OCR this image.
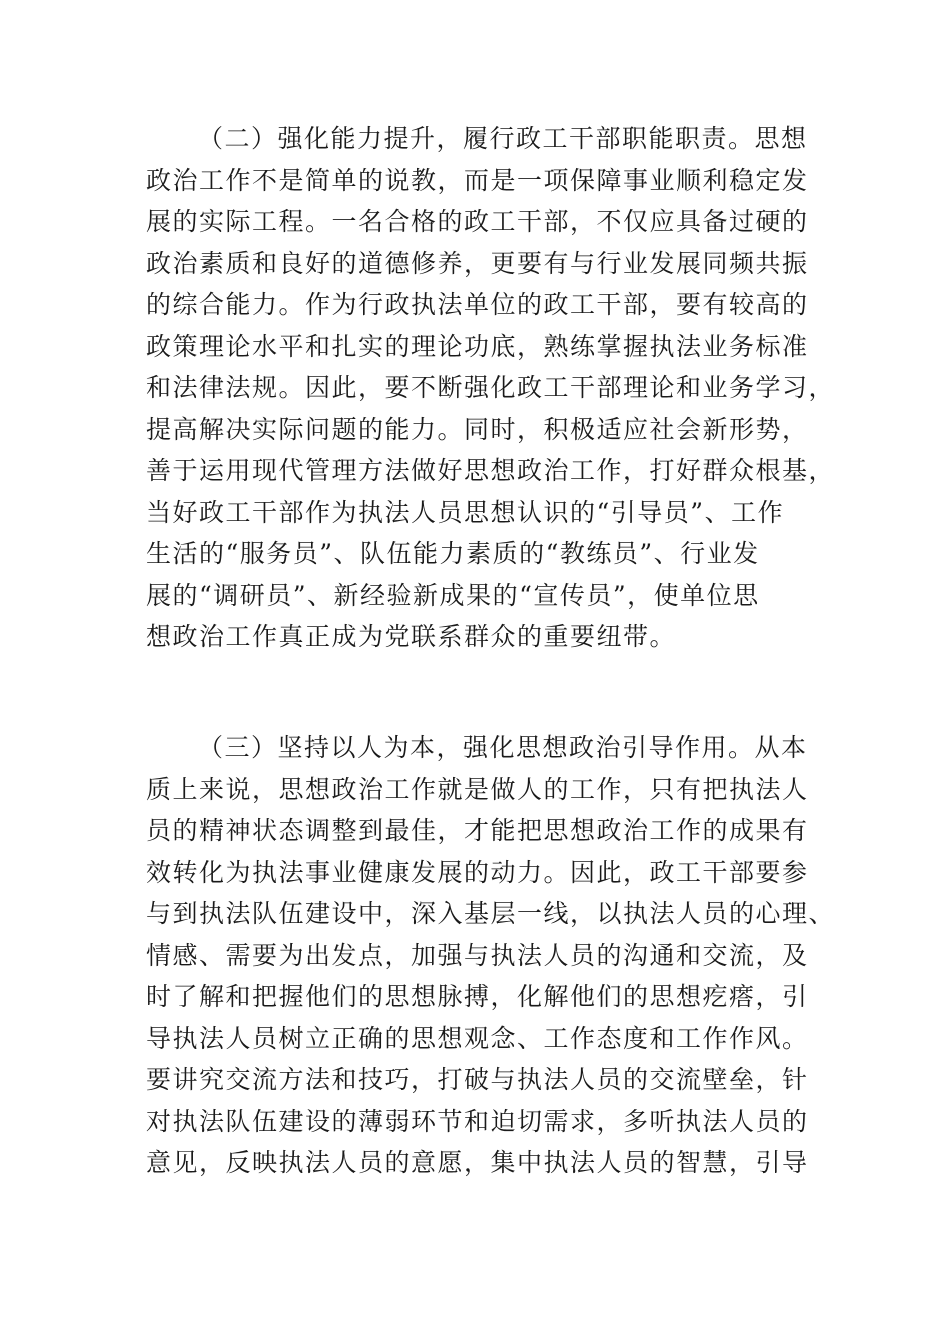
（二）强化能力提升，履行政工干部职能职责。思想
政治工作不是简单的说教，而是一项保障事业顺利稳定发
展的实际工程。一名合格的政工干部，不仅应具备过硬的
政治素质和良好的道德修养，更要有与行业发展同频共振
的综合能力。作为行政执法单位的政工干部，要有较高的
政策理论水平和扎实的理论功底，熟练掌握执法业务标准
和法律法规。因此，要不断强化政工干部理论和业务学习，
提高解决实际问题的能力。同时，积极适应社会新形势，
善于运用现代管理方法做好思想政治工作，打好群众根基，
当好政工干部作为执法人员思想认识的“引导员”、工作
生活的“服务员”、队伍能力素质的“教练员”、行业发
展的“调研员”、新经验新成果的“宣传员”，使单位思
想政治工作真正成为党联系群众的重要纽带。

（三）坚持以人为本，强化思想政治引导作用。从本
质上来说，思想政治工作就是做人的工作，只有把执法人
员的精神状态调整到最佳，才能把思想政治工作的成果有
效转化为执法事业健康发展的动力。因此，政工干部要参
与到执法队伍建设中，深入基层一线，以执法人员的心理、
情感、需要为出发点，加强与执法人员的沟通和交流，及
时了解和把握他们的思想脉搏，化解他们的思想疙瘩，引
导执法人员树立正确的思想观念、工作态度和工作作风。
要讲究交流方法和技巧，打破与执法人员的交流壁垒，针
对执法队伍建设的薄弱环节和迫切需求，多听执法人员的
意见，反映执法人员的意愿，集中执法人员的智慧，引导
